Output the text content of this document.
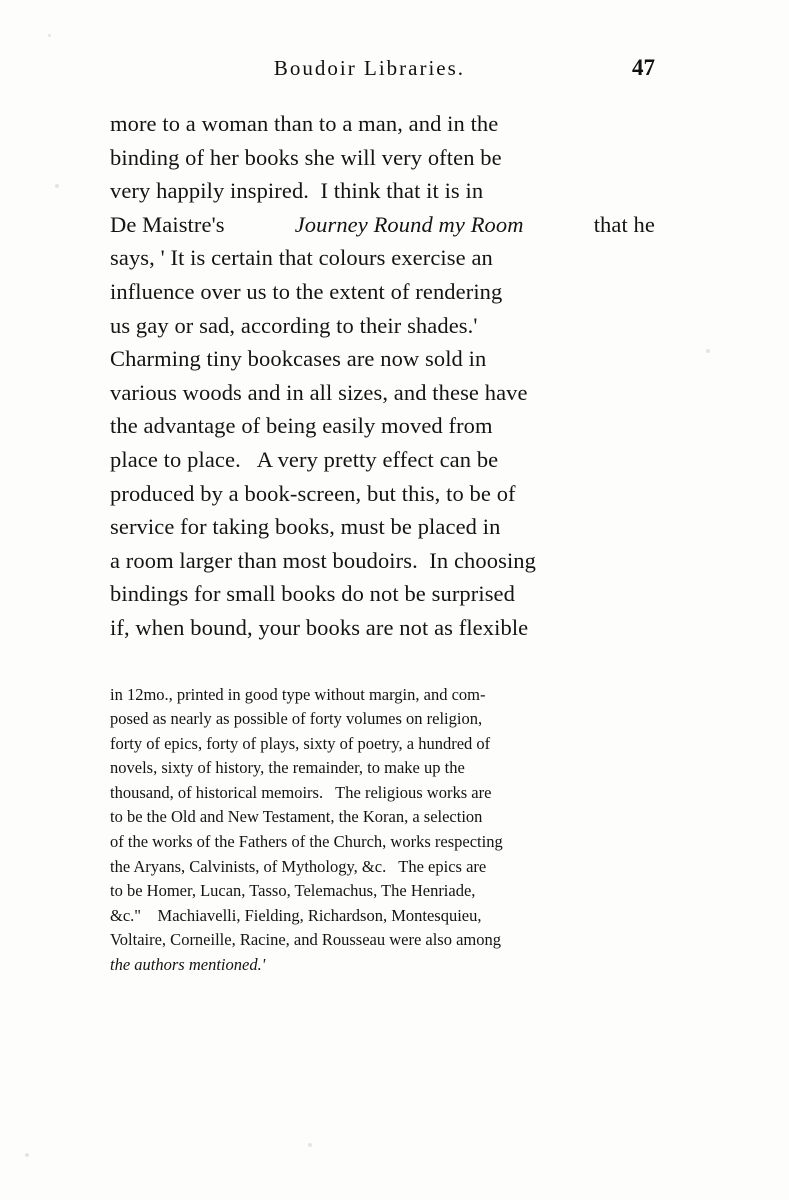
Boudoir Libraries.	47
more to a woman than to a man, and in the
binding of her books she will very often be
very happily inspired.  I think that it is in
De Maistre's	Journey Round my Room	that he
says, ' It is certain that colours exercise an
influence over us to the extent of rendering
us gay or sad, according to their shades.'
Charming tiny bookcases are now sold in
various woods and in all sizes, and these have
the advantage of being easily moved from
place to place.   A very pretty effect can be
produced by a book-screen, but this, to be of
service for taking books, must be placed in
a room larger than most boudoirs.  In choosing
bindings for small books do not be surprised
if, when bound, your books are not as flexible
in 12mo., printed in good type without margin, and com-
posed as nearly as possible of forty volumes on religion,
forty of epics, forty of plays, sixty of poetry, a hundred of
novels, sixty of history, the remainder, to make up the
thousand, of historical memoirs.   The religious works are
to be the Old and New Testament, the Koran, a selection
of the works of the Fathers of the Church, works respecting
the Aryans, Calvinists, of Mythology, &c.   The epics are
to be Homer, Lucan, Tasso, Telemachus, The Henriade,
&c."    Machiavelli, Fielding, Richardson, Montesquieu,
Voltaire, Corneille, Racine, and Rousseau were also among
the authors mentioned.'
